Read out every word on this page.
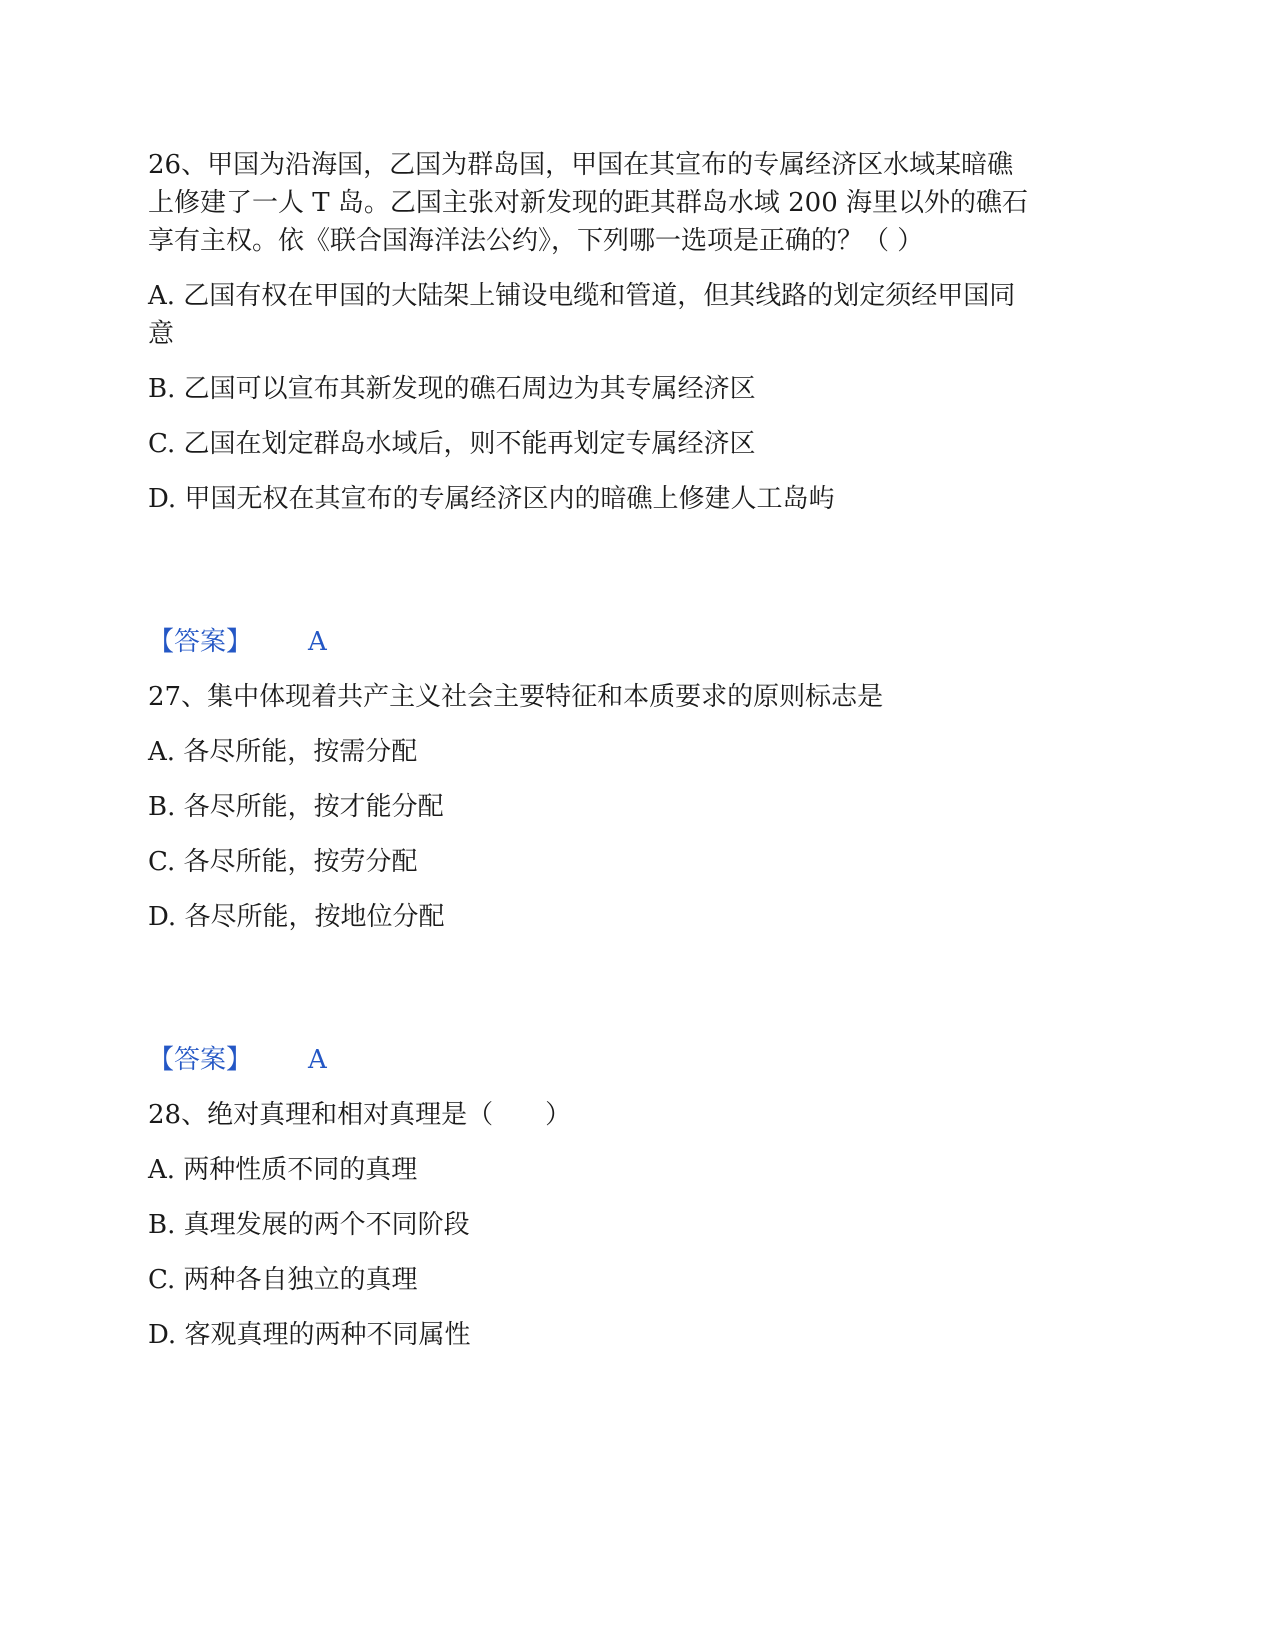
26、甲国为沿海国，乙国为群岛国，甲国在其宣布的专属经济区水域某暗礁
上修建了一人 T 岛。乙国主张对新发现的距其群岛水域 200 海里以外的礁石
享有主权。依《联合国海洋法公约》，下列哪一选项是正确的？（ ）
A. 乙国有权在甲国的大陆架上铺设电缆和管道，但其线路的划定须经甲国同
意
B. 乙国可以宣布其新发现的礁石周边为其专属经济区
C. 乙国在划定群岛水域后，则不能再划定专属经济区
D. 甲国无权在其宣布的专属经济区内的暗礁上修建人工岛屿
【答案】 A
27、集中体现着共产主义社会主要特征和本质要求的原则标志是
A. 各尽所能，按需分配
B. 各尽所能，按才能分配
C. 各尽所能，按劳分配
D. 各尽所能，按地位分配
【答案】 A
28、绝对真理和相对真理是（　　）
A. 两种性质不同的真理
B. 真理发展的两个不同阶段
C. 两种各自独立的真理
D. 客观真理的两种不同属性
